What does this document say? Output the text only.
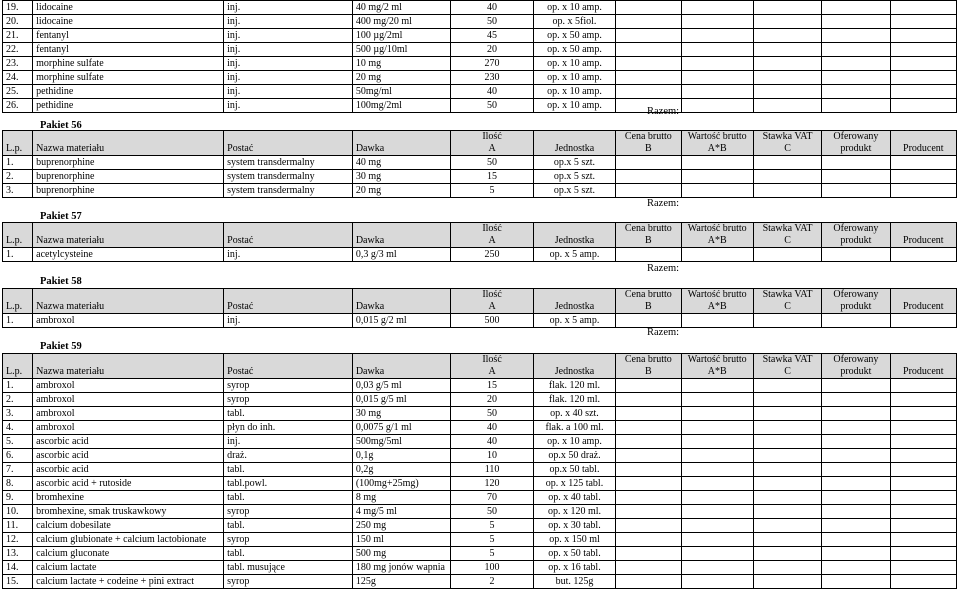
19.	lidocaine	inj.	40 mg/2 ml	40	op. x 10 amp.					
20.	lidocaine	inj.	400 mg/20 ml	50	op. x 5fiol.					
21.	fentanyl	inj.	100 µg/2ml	45	op. x 50 amp.					
22.	fentanyl	inj.	500 µg/10ml	20	op. x 50 amp.					
23.	morphine sulfate	inj.	10 mg	270	op. x 10 amp.					
24.	morphine sulfate	inj.	20 mg	230	op. x 10 amp.					
25.	pethidine	inj.	50mg/ml	40	op. x 10 amp.					
26.	pethidine	inj.	100mg/2ml	50	op. x 10 amp.					
Razem:
Pakiet 56
				Ilość		Cena brutto	Wartość brutto	Stawka VAT	Oferowany	
L.p.	Nazwa materiału	Postać	Dawka	A	Jednostka	B	A*B	C	produkt	Producent
1.	buprenorphine	system transdermalny	40 mg	50	op.x 5 szt.					
2.	buprenorphine	system transdermalny	30 mg	15	op.x 5 szt.					
3.	buprenorphine	system transdermalny	20 mg	5	op.x 5 szt.					
Razem:
Pakiet 57
				Ilość		Cena brutto	Wartość brutto	Stawka VAT	Oferowany	
L.p.	Nazwa materiału	Postać	Dawka	A	Jednostka	B	A*B	C	produkt	Producent
1.	acetylcysteine	inj.	0,3 g/3 ml	250	op. x 5 amp.					
Razem:
Pakiet 58
				Ilość		Cena brutto	Wartość brutto	Stawka VAT	Oferowany	
L.p.	Nazwa materiału	Postać	Dawka	A	Jednostka	B	A*B	C	produkt	Producent
1.	ambroxol	inj.	0,015 g/2 ml	500	op. x 5 amp.					
Razem:
Pakiet 59
				Ilość		Cena brutto	Wartość brutto	Stawka VAT	Oferowany	
L.p.	Nazwa materiału	Postać	Dawka	A	Jednostka	B	A*B	C	produkt	Producent
1.	ambroxol	syrop	0,03 g/5 ml	15	flak. 120 ml.					
2.	ambroxol	syrop	0,015 g/5 ml	20	flak. 120 ml.					
3.	ambroxol	tabl.	30 mg	50	op. x 40 szt.					
4.	ambroxol	płyn do inh.	0,0075 g/1 ml	40	flak. a 100 ml.					
5.	ascorbic acid	inj.	500mg/5ml	40	op. x 10 amp.					
6.	ascorbic acid	draż.	0,1g	10	op.x 50 draż.					
7.	ascorbic acid	tabl.	0,2g	110	op.x 50 tabl.					
8.	ascorbic acid + rutoside	tabl.powl.	(100mg+25mg)	120	op. x 125 tabl.					
9.	bromhexine	tabl.	8 mg	70	op. x 40 tabl.					
10.	bromhexine, smak truskawkowy	syrop	4 mg/5 ml	50	op. x 120 ml.					
11.	calcium dobesilate	tabl.	250 mg	5	op. x 30 tabl.					
12.	calcium glubionate + calcium lactobionate	syrop	150 ml	5	op. x 150 ml					
13.	calcium gluconate	tabl.	500 mg	5	op. x 50 tabl.					
14.	calcium lactate	tabl. musujące	180 mg jonów wapnia	100	op. x 16 tabl.					
15.	calcium lactate + codeine + pini extract	syrop	125g	2	but. 125g					
